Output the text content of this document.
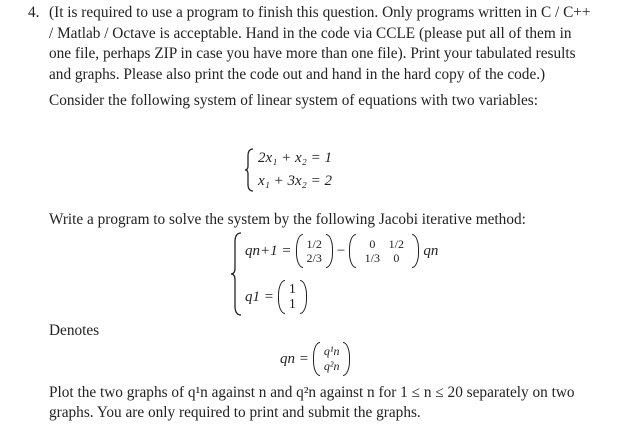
4. (It is required to use a program to finish this question. Only programs written in C / C++
/ Matlab / Octave is acceptable. Hand in the code via CCLE (please put all of them in
one file, perhaps ZIP in case you have more than one file). Print your tabulated results
and graphs. Please also print the code out and hand in the hard copy of the code.)
Consider the following system of linear system of equations with two variables:
2x₁ + x₂ = 1
x₁ + 3x₂ = 2
Write a program to solve the system by the following Jacobi iterative method:
qn+1 = 1/2
2/3 −	0	1/2
1/3	0	qn
q1 = 1
1
Denotes
qn = q¹n
q²n
Plot the two graphs of q¹n against n and q²n against n for 1 ≤ n ≤ 20 separately on two
graphs. You are only required to print and submit the graphs.
